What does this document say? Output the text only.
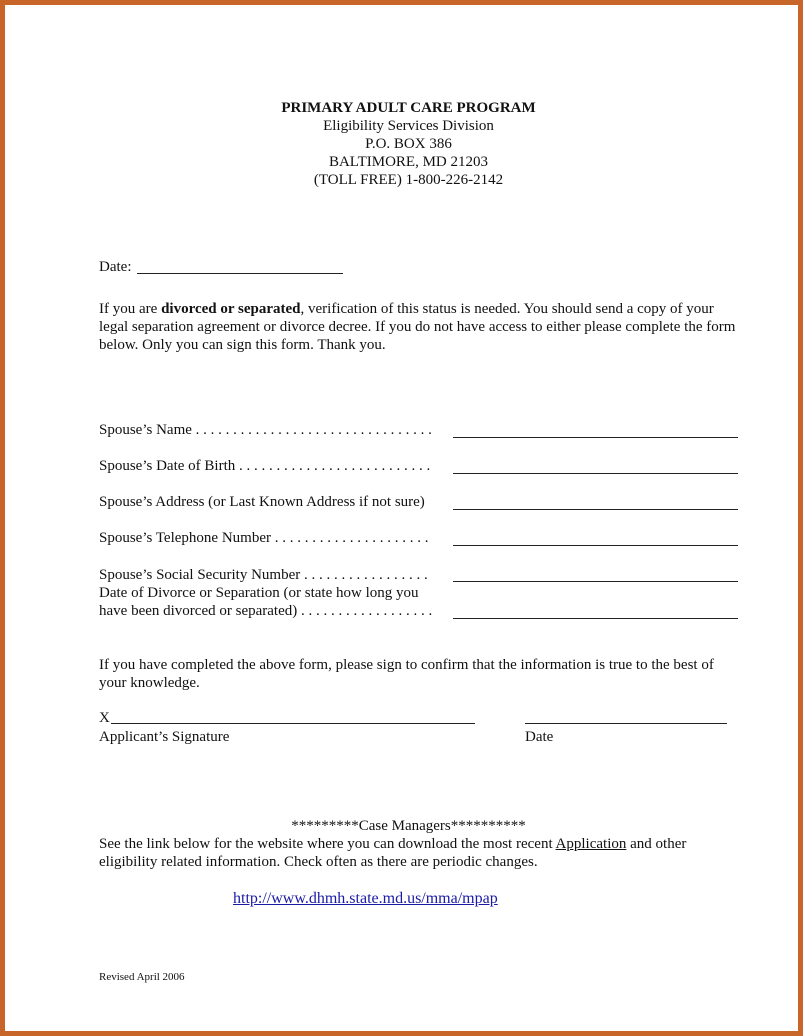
PRIMARY ADULT CARE PROGRAM
Eligibility Services Division
P.O. BOX 386
BALTIMORE, MD 21203
(TOLL FREE) 1-800-226-2142
Date:
If you are divorced or separated, verification of this status is needed. You should send a copy of your legal separation agreement or divorce decree. If you do not have access to either please complete the form below. Only you can sign this form. Thank you.
Spouse’s Name . . . . . . . . . . . . . . . . . . . . . . . . . . . . . . . .
Spouse’s Date of Birth . . . . . . . . . . . . . . . . . . . . . . . . . .
Spouse’s Address (or Last Known Address if not sure)
Spouse’s Telephone Number . . . . . . . . . . . . . . . . . . . . .
Spouse’s Social Security Number . . . . . . . . . . . . . . . . .
Date of Divorce or Separation (or state how long you
have been divorced or separated) . . . . . . . . . . . . . . . . . .
If you have completed the above form, please sign to confirm that the information is true to the best of your knowledge.
X
Applicant’s Signature	Date
*********Case Managers**********
See the link below for the website where you can download the most recent Application and other eligibility related information. Check often as there are periodic changes.
http://www.dhmh.state.md.us/mma/mpap
Revised April 2006
